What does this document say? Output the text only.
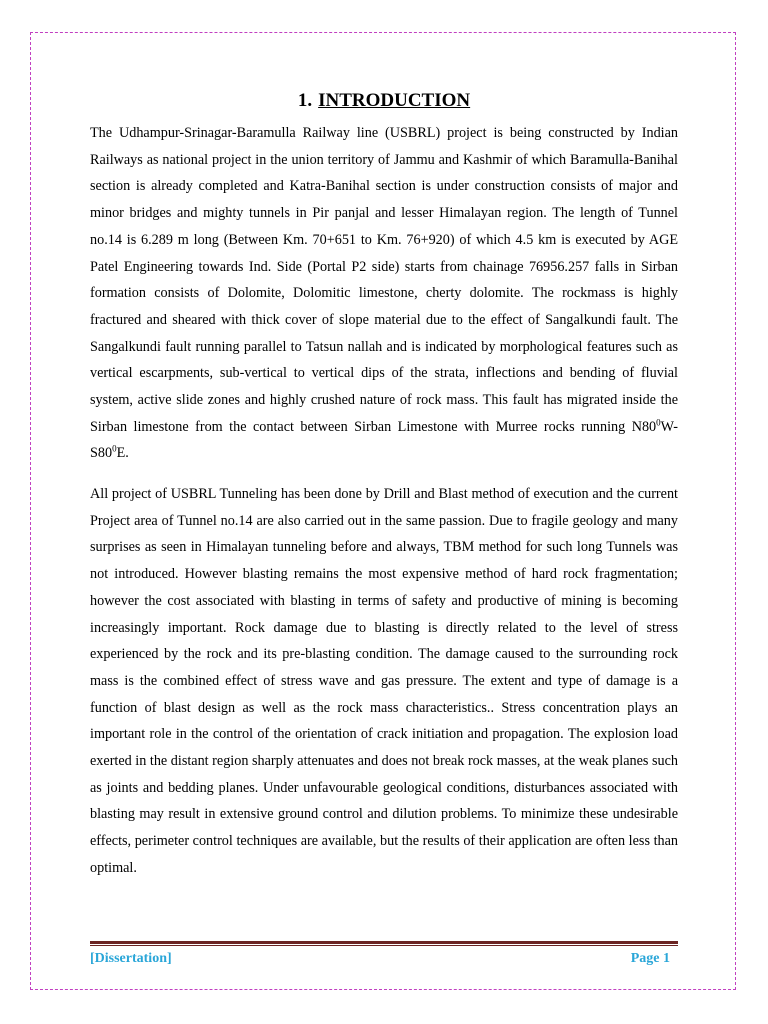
1. INTRODUCTION

The Udhampur-Srinagar-Baramulla Railway line (USBRL) project is being constructed by Indian Railways as national project in the union territory of Jammu and Kashmir of which Baramulla-Banihal section is already completed and Katra-Banihal section is under construction consists of major and minor bridges and mighty tunnels in Pir panjal and lesser Himalayan region. The length of Tunnel no.14 is 6.289 m long (Between Km. 70+651 to Km. 76+920) of which 4.5 km is executed by AGE Patel Engineering towards Ind. Side (Portal P2 side) starts from chainage 76956.257 falls in Sirban formation consists of Dolomite, Dolomitic limestone, cherty dolomite. The rockmass is highly fractured and sheared with thick cover of slope material due to the effect of Sangalkundi fault. The Sangalkundi fault running parallel to Tatsun nallah and is indicated by morphological features such as vertical escarpments, sub-vertical to vertical dips of the strata, inflections and bending of fluvial system, active slide zones and highly crushed nature of rock mass. This fault has migrated inside the Sirban limestone from the contact between Sirban Limestone with Murree rocks running $N80^0W-$ $S80^0E$.

All project of USBRL Tunneling has been done by Drill and Blast method of execution and the current Project area of Tunnel no.14 are also carried out in the same passion. Due to fragile geology and many surprises as seen in Himalayan tunneling before and always, TBM method for such long Tunnels was not introduced. However blasting remains the most expensive method of hard rock fragmentation; however the cost associated with blasting in terms of safety and productive of mining is becoming increasingly important. Rock damage due to blasting is directly related to the level of stress experienced by the rock and its pre-blasting condition. The damage caused to the surrounding rock mass is the combined effect of stress wave and gas pressure. The extent and type of damage is a function of blast design as well as the rock mass characteristics.. Stress concentration plays an important role in the control of the orientation of crack initiation and propagation. The explosion load exerted in the distant region sharply attenuates and does not break rock masses, at the weak planes such as joints and bedding planes. Under unfavourable geological conditions, disturbances associated with blasting may result in extensive ground control and dilution problems. To minimize these undesirable effects, perimeter control techniques are available, but the results of their application are often less than optimal.

[Dissertation]	Page 1
